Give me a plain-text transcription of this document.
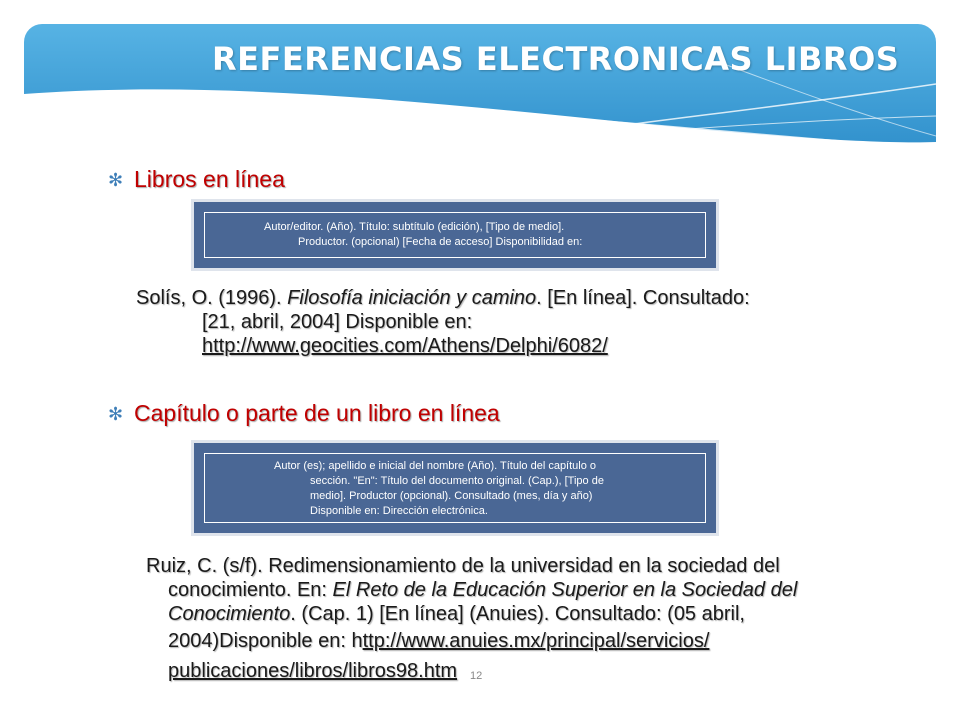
REFERENCIAS ELECTRONICAS LIBROS
✻ Libros en línea
Autor/editor. (Año). Título: subtítulo (edición), [Tipo de medio].
Productor. (opcional) [Fecha de acceso] Disponibilidad en:
Solís, O. (1996). Filosofía iniciación y camino. [En línea]. Consultado:
[21, abril, 2004] Disponible en:
http://www.geocities.com/Athens/Delphi/6082/
✻ Capítulo o parte de un libro en línea
Autor (es); apellido e inicial del nombre (Año). Título del capítulo o
sección. "En": Título del documento original. (Cap.), [Tipo de
medio]. Productor (opcional). Consultado (mes, día y año)
Disponible en: Dirección electrónica.
Ruiz, C. (s/f). Redimensionamiento de la universidad en la sociedad del
conocimiento. En: El Reto de la Educación Superior en la Sociedad del
Conocimiento. (Cap. 1) [En línea] (Anuies). Consultado: (05 abril,
2004)Disponible en: http://www.anuies.mx/principal/servicios/
publicaciones/libros/libros98.htm 12
